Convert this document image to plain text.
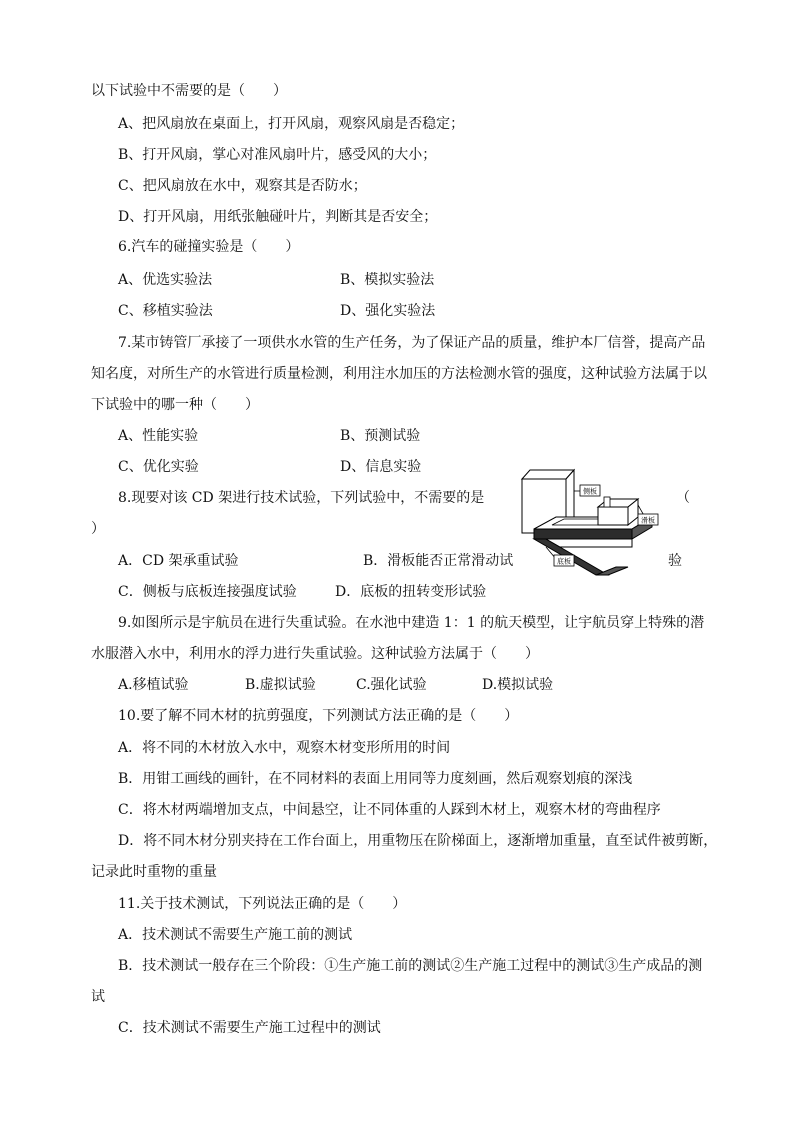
以下试验中不需要的是（　　）
A、把风扇放在桌面上，打开风扇，观察风扇是否稳定；
B、打开风扇，掌心对准风扇叶片，感受风的大小；
C、把风扇放在水中，观察其是否防水；
D、打开风扇，用纸张触碰叶片，判断其是否安全；
6.汽车的碰撞实验是（　　）
A、优选实验法	B、模拟实验法
C、移植实验法	D、强化实验法
7.某市铸管厂承接了一项供水水管的生产任务，为了保证产品的质量，维护本厂信誉，提高产品
知名度，对所生产的水管进行质量检测，利用注水加压的方法检测水管的强度，这种试验方法属于以
下试验中的哪一种（　　）
A、性能实验	B、预测试验
C、优化实验	D、信息实验
8.现要对该 CD 架进行技术试验，下列试验中，不需要的是	（
）
A．CD 架承重试验	B．滑板能否正常滑动试	验
C．侧板与底板连接强度试验	D．底板的扭转变形试验
9.如图所示是宇航员在进行失重试验。在水池中建造 1：1 的航天模型，让宇航员穿上特殊的潜
水服潜入水中，利用水的浮力进行失重试验。这种试验方法属于（　　）
A.移植试验	B.虚拟试验	C.强化试验	D.模拟试验
10.要了解不同木材的抗剪强度，下列测试方法正确的是（　　）
A．将不同的木材放入水中，观察木材变形所用的时间
B．用钳工画线的画针，在不同材料的表面上用同等力度刻画，然后观察划痕的深浅
C．将木材两端增加支点，中间悬空，让不同体重的人踩到木材上，观察木材的弯曲程序
D．将不同木材分别夹持在工作台面上，用重物压在阶梯面上，逐渐增加重量，直至试件被剪断，
记录此时重物的重量
11.关于技术测试，下列说法正确的是（　　）
A．技术测试不需要生产施工前的测试
B．技术测试一般存在三个阶段：①生产施工前的测试②生产施工过程中的测试③生产成品的测
试
C．技术测试不需要生产施工过程中的测试
侧板
滑板
底板
